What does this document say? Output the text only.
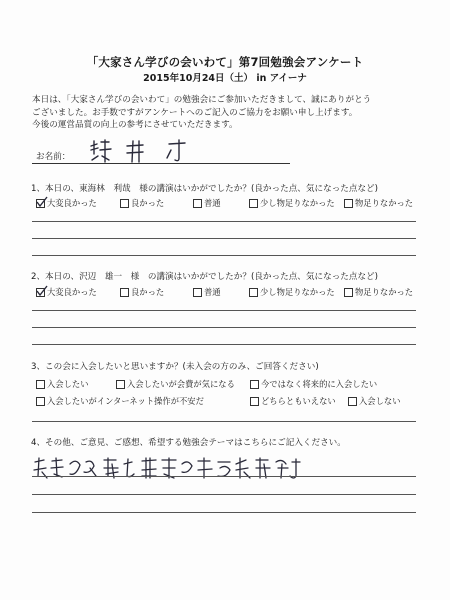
「大家さん学びの会いわて」第7回勉強会アンケート
2015年10月24日（土） in アイーナ

本日は、「大家さん学びの会いわて」の勉強会にご参加いただきまして、誠にありがとう

ございました。お手数ですがアンケートへのご記入のご協力をお願い申し上げます。

今後の運営品質の向上の参考にさせていただきます。

お名前：
1、本日の、東海林　利哉　様の講演はいかがでしたか？(良かった点、気になった点など)
大変良かった	良かった	普通	少し物足りなかった 物足りなかった
2、本日の、沢辺　雄一　様　の講演はいかがでしたか？(良かった点、気になった点など)
大変良かった	良かった	普通	少し物足りなかった 物足りなかった
3、この会に入会したいと思いますか？(未入会の方のみ、ご回答ください)
入会したい	入会したいが会費が気になる	今ではなく将来的に入会したい
入会したいがインターネット操作が不安だ	どちらともいえない	入会しない
4、その他、ご意見、ご感想、希望する勉強会テーマはこちらにご記入ください。
